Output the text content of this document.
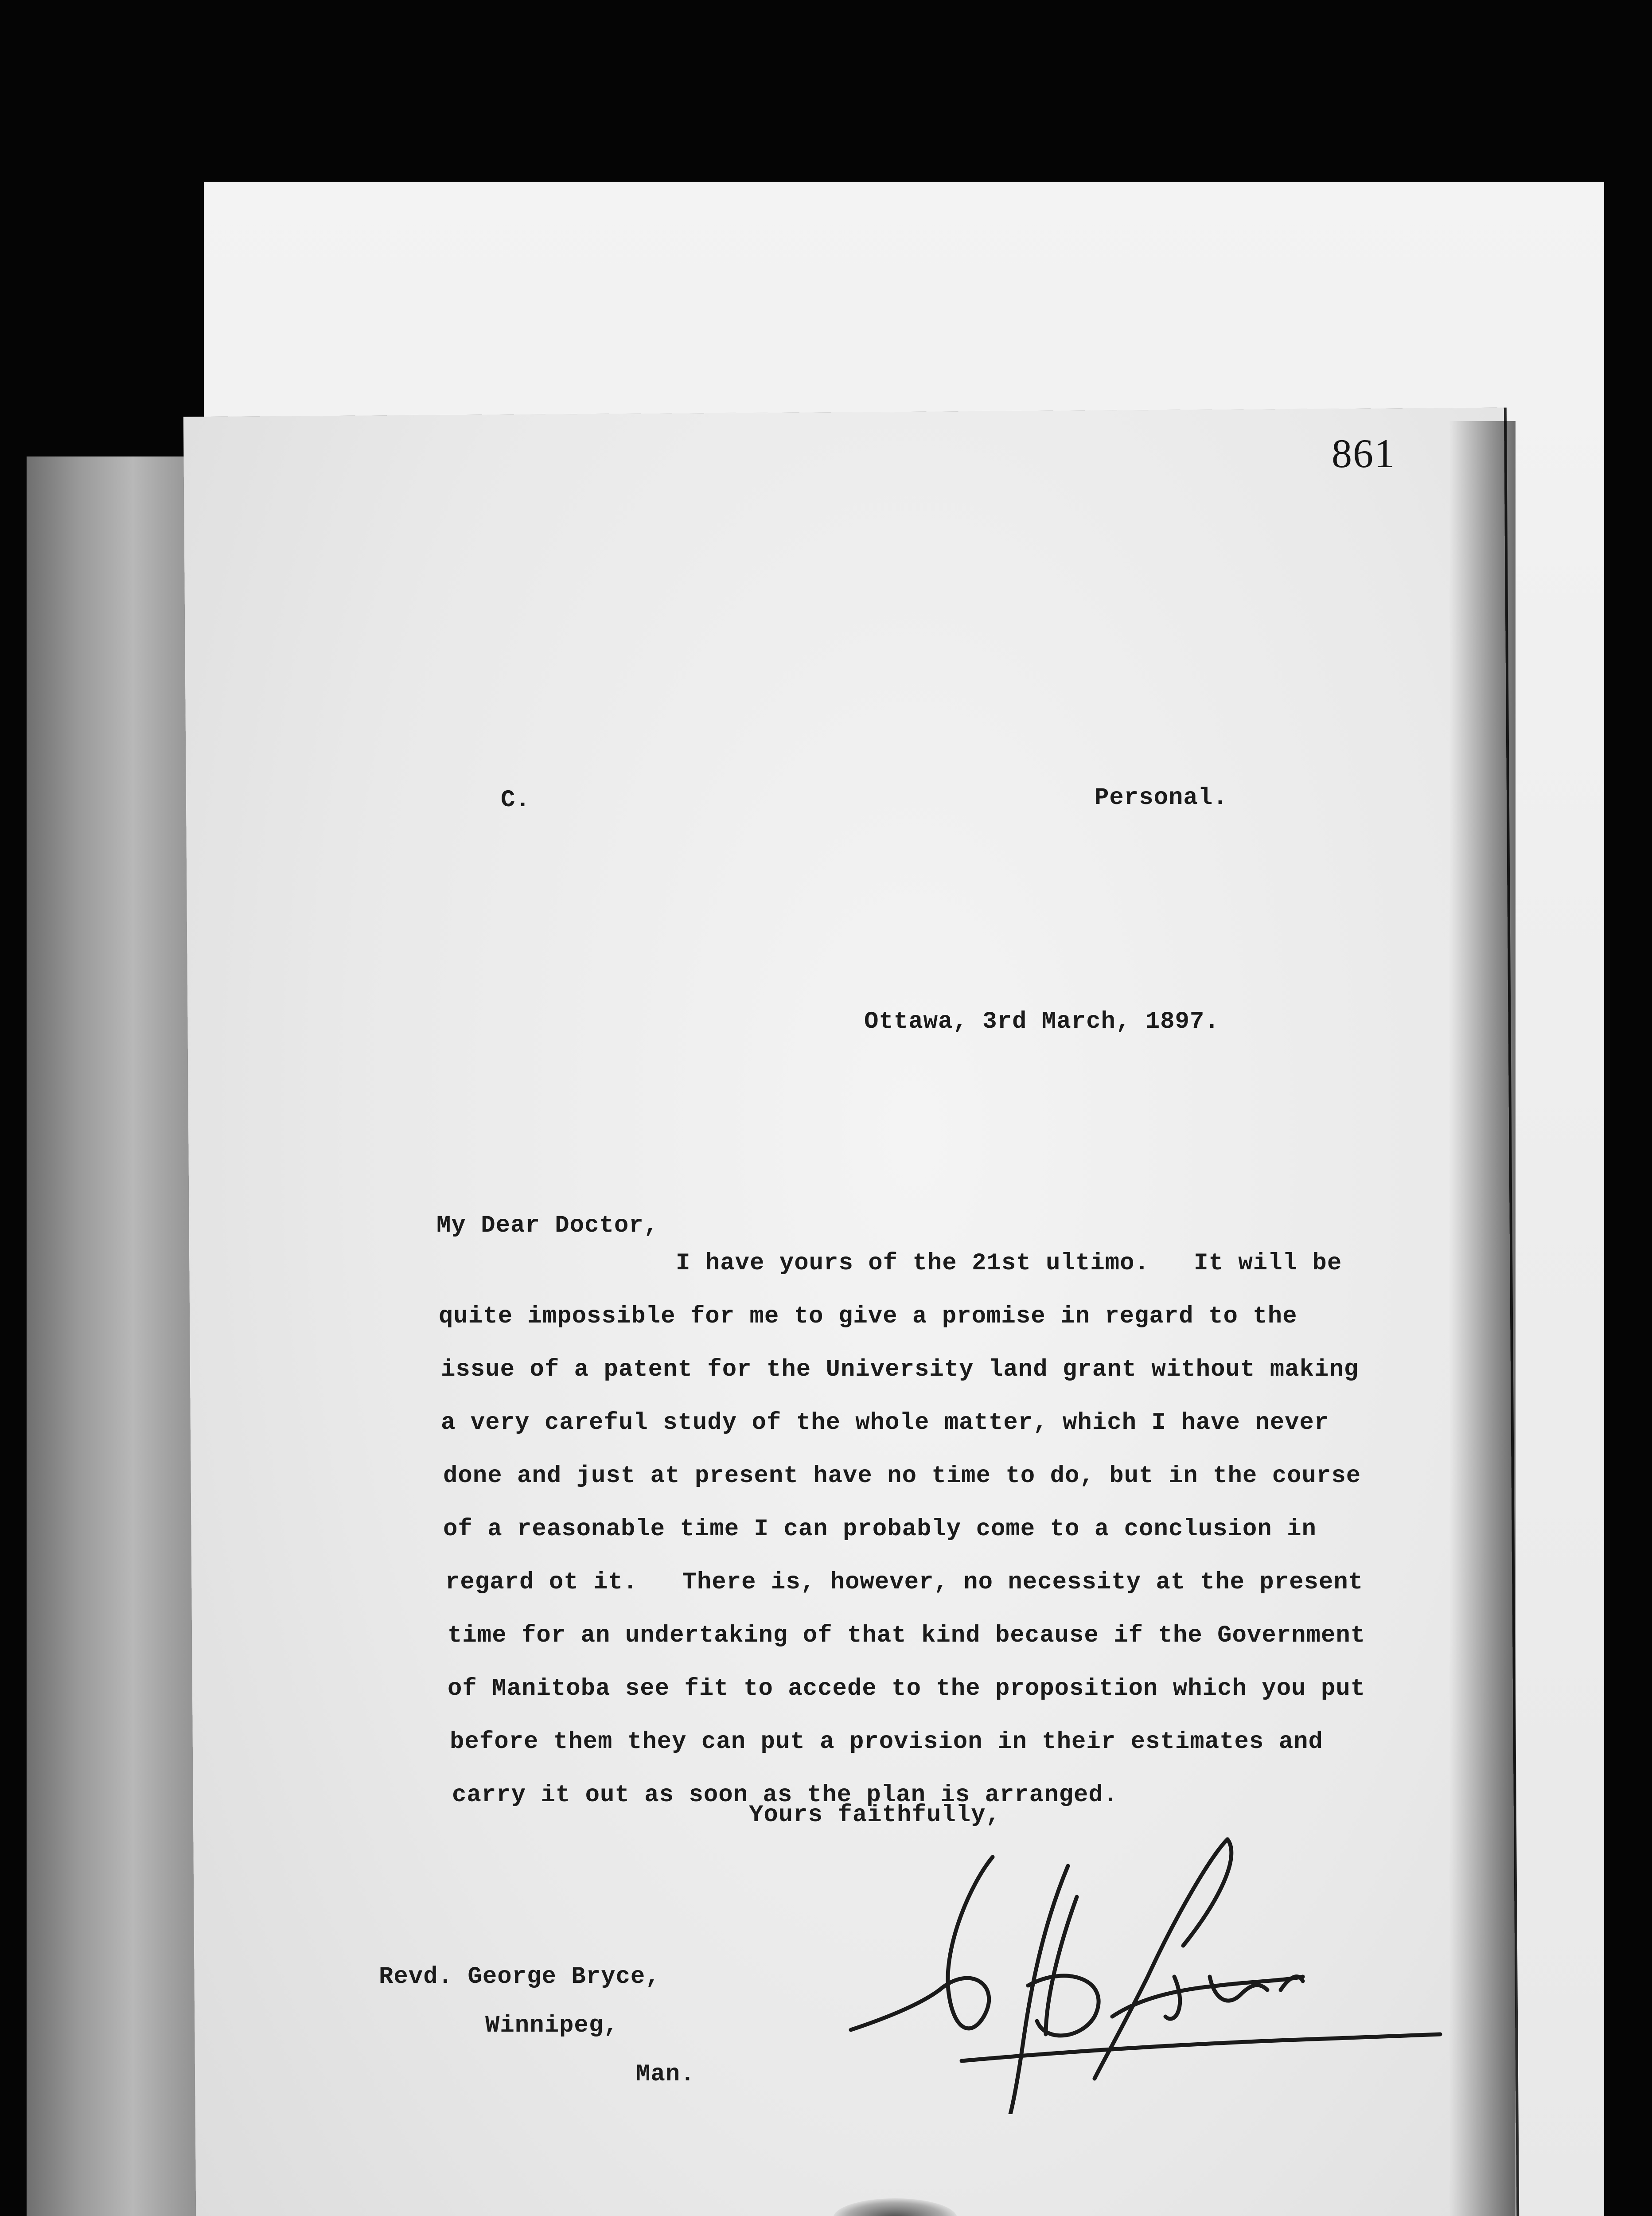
861
C.	Personal.
Ottawa, 3rd March, 1897.
My Dear Doctor,
I have yours of the 21st ultimo.   It will be
quite impossible for me to give a promise in regard to the
issue of a patent for the University land grant without making
a very careful study of the whole matter, which I have never
done and just at present have no time to do, but in the course
of a reasonable time I can probably come to a conclusion in
regard ot it.   There is, however, no necessity at the present
time for an undertaking of that kind because if the Government
of Manitoba see fit to accede to the proposition which you put
before them they can put a provision in their estimates and
carry it out as soon as the plan is arranged.
Yours faithfully,
Revd. George Bryce,
Winnipeg,
Man.
